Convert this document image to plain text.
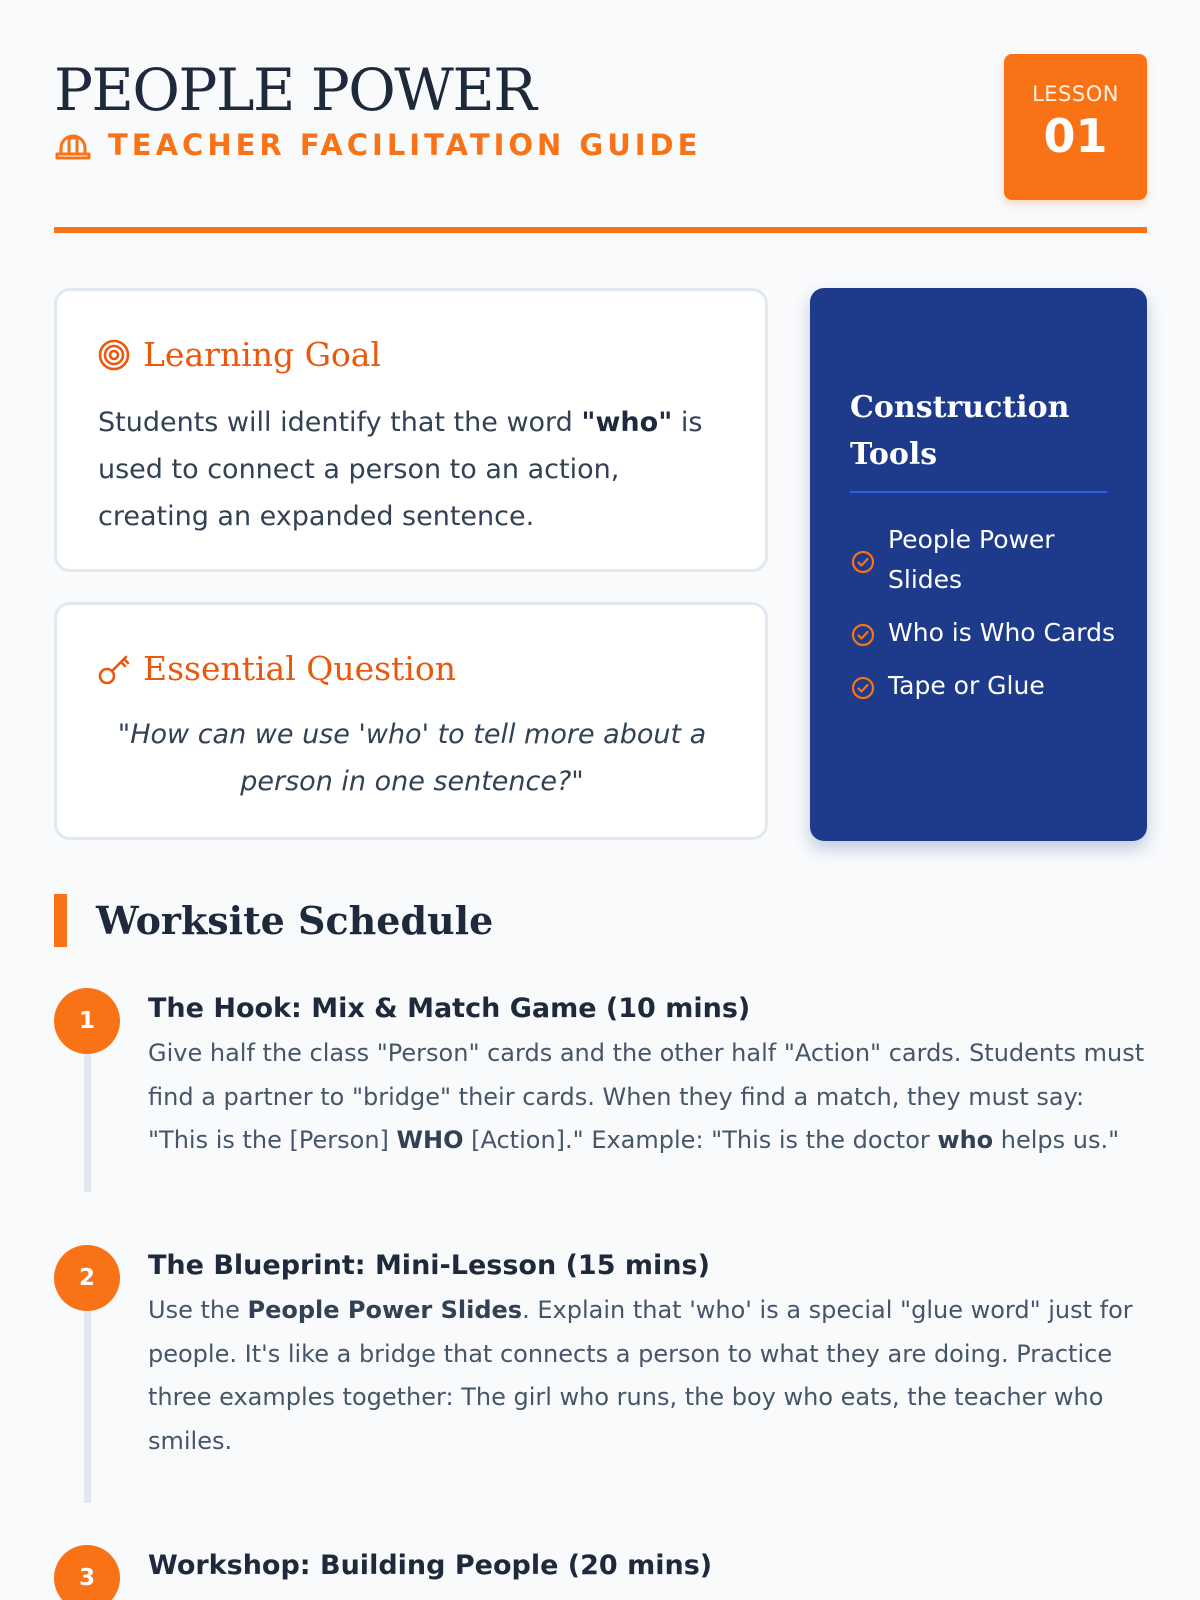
PEOPLE POWER
TEACHER FACILITATION GUIDE
LESSON
01
Learning Goal

Students will identify that the word "who" is used to connect a person to an action, creating an expanded sentence.

Essential Question

"How can we use 'who' to tell more about a person in one sentence?"

Construction Tools
People Power Slides
Who is Who Cards
Tape or Glue
Worksite Schedule
1	The Hook: Mix & Match Game (10 mins)

Give half the class "Person" cards and the other half "Action" cards. Students must find a partner to "bridge" their cards. When they find a match, they must say: "This is the [Person] WHO [Action]." Example: "This is the doctor who helps us."

2	The Blueprint: Mini-Lesson (15 mins)

Use the People Power Slides. Explain that 'who' is a special "glue word" just for people. It's like a bridge that connects a person to what they are doing. Practice three examples together: The girl who runs, the boy who eats, the teacher who smiles.

3	Workshop: Building People (20 mins)
